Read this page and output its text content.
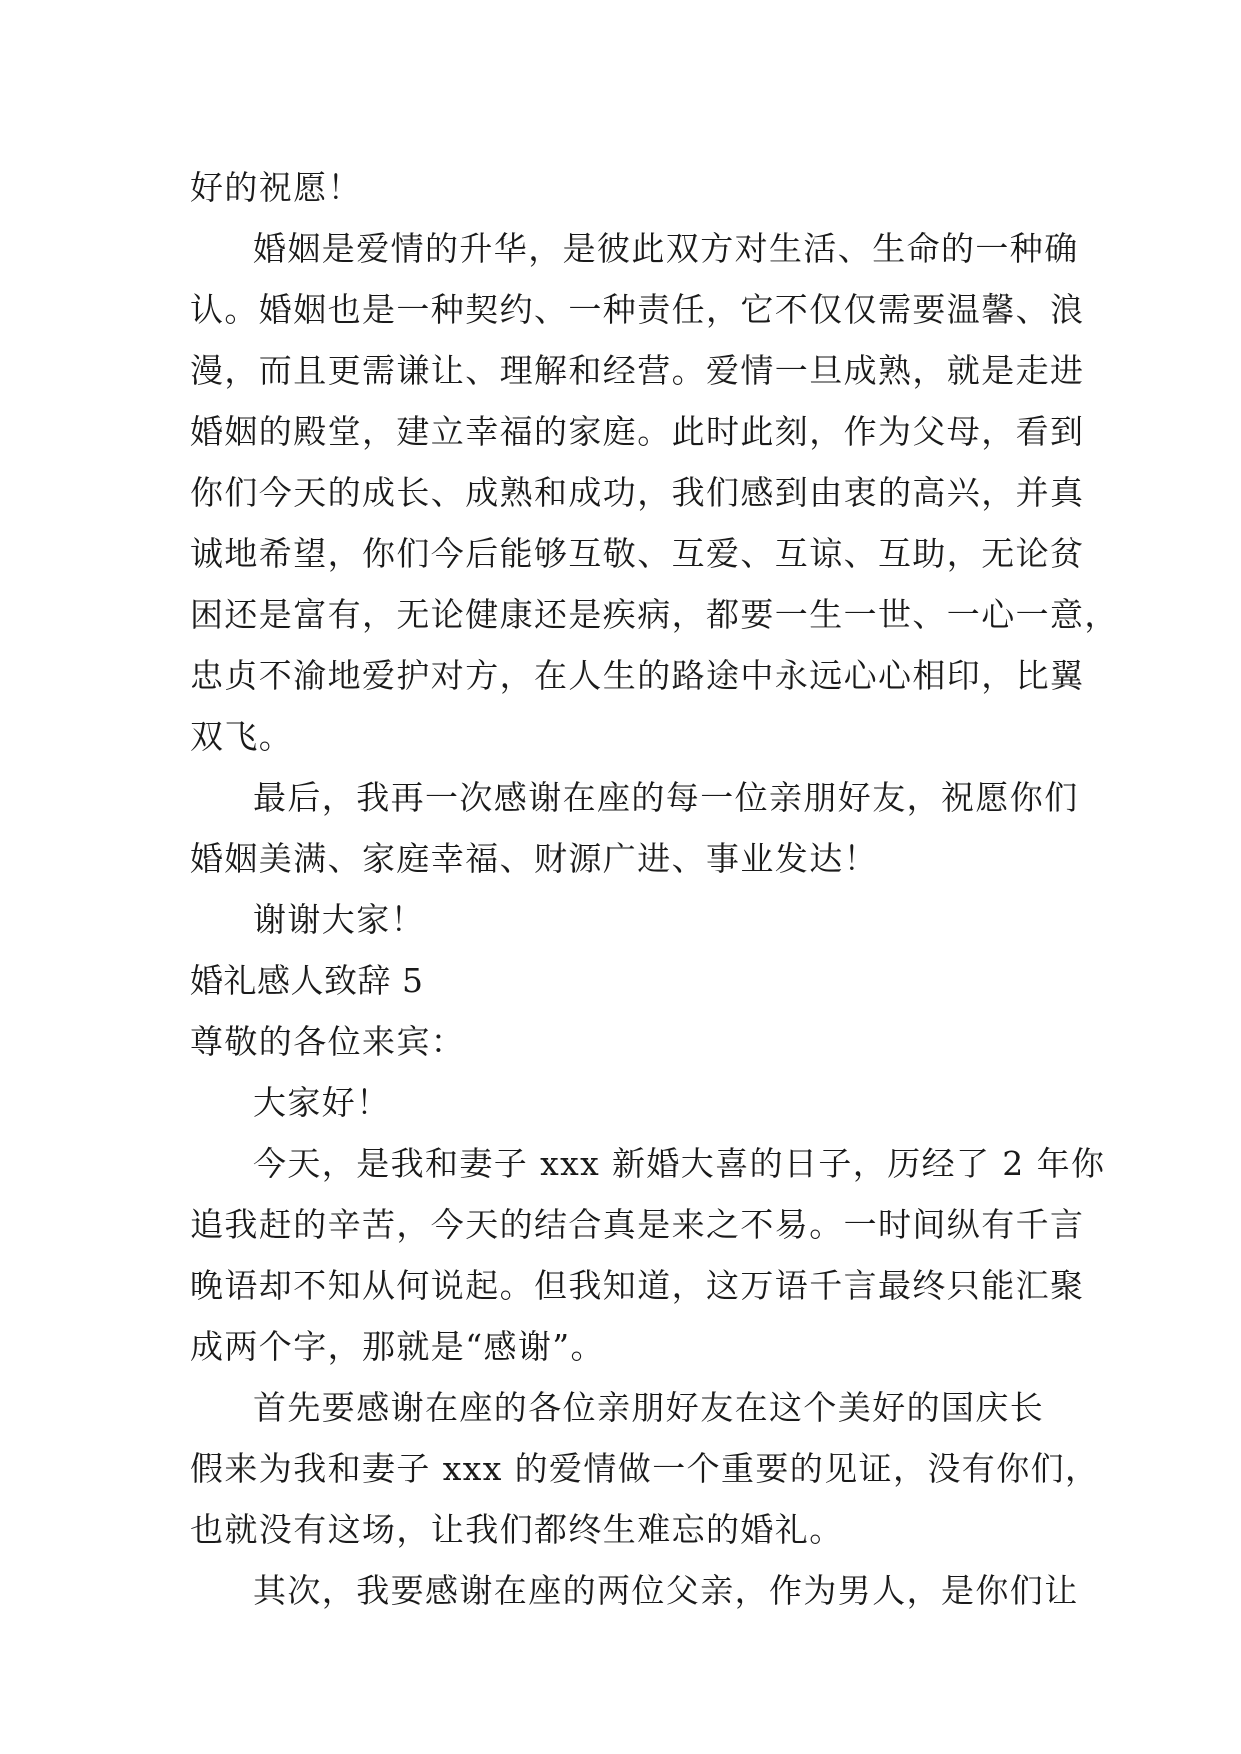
好的祝愿！
婚姻是爱情的升华，是彼此双方对生活、生命的一种确
认。婚姻也是一种契约、一种责任，它不仅仅需要温馨、浪
漫，而且更需谦让、理解和经营。爱情一旦成熟，就是走进
婚姻的殿堂，建立幸福的家庭。此时此刻，作为父母，看到
你们今天的成长、成熟和成功，我们感到由衷的高兴，并真
诚地希望，你们今后能够互敬、互爱、互谅、互助，无论贫
困还是富有，无论健康还是疾病，都要一生一世、一心一意，
忠贞不渝地爱护对方，在人生的路途中永远心心相印，比翼
双飞。
最后，我再一次感谢在座的每一位亲朋好友，祝愿你们
婚姻美满、家庭幸福、财源广进、事业发达！
谢谢大家！
婚礼感人致辞 5
尊敬的各位来宾：
大家好！
今天，是我和妻子 xxx 新婚大喜的日子，历经了 2 年你
追我赶的辛苦，今天的结合真是来之不易。一时间纵有千言
晚语却不知从何说起。但我知道，这万语千言最终只能汇聚
成两个字，那就是“感谢”。
首先要感谢在座的各位亲朋好友在这个美好的国庆长
假来为我和妻子 xxx 的爱情做一个重要的见证，没有你们，
也就没有这场，让我们都终生难忘的婚礼。
其次，我要感谢在座的两位父亲，作为男人，是你们让
